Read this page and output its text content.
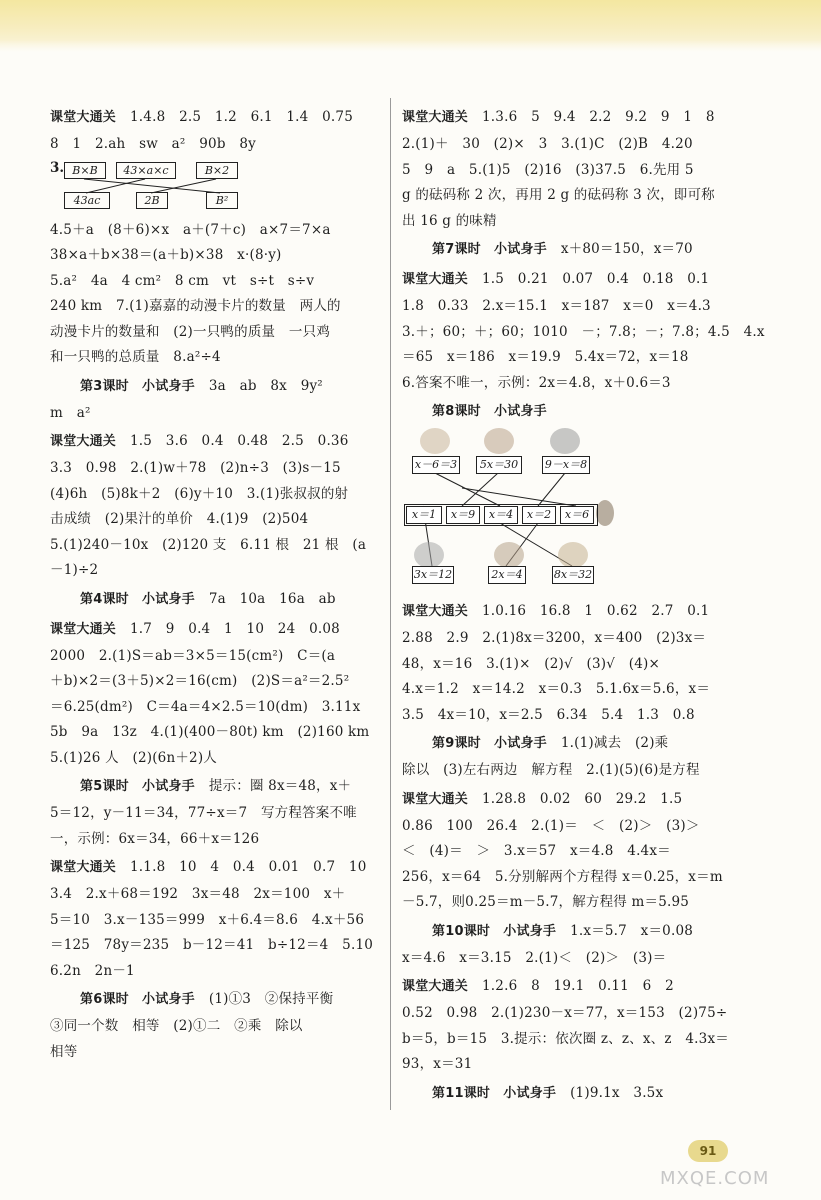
课堂大通关 1.4.8　2.5　1.2　6.1　1.4　0.75
8　1　2.ah　sw　a²　90b　8y
3. B×B	43×a×c	B×2
43ac	2B	B²
4.5＋a　(8＋6)×x　a＋(7＋c)　a×7＝7×a
38×a＋b×38＝(a＋b)×38　x·(8·y)
5.a²　4a　4 cm²　8 cm　vt　s÷t　s÷v
240 km　7.(1)嘉嘉的动漫卡片的数量　两人的
动漫卡片的数量和　(2)一只鸭的质量　一只鸡
和一只鸭的总质量　8.a²÷4
第3课时　小试身手 3a　ab　8x　9y²
m　a²
课堂大通关 1.5　3.6　0.4　0.48　2.5　0.36
3.3　0.98　2.(1)w＋78　(2)n÷3　(3)s－15
(4)6h　(5)8k＋2　(6)y＋10　3.(1)张叔叔的射
击成绩　(2)果汁的单价　4.(1)9　(2)504
5.(1)240－10x　(2)120 支　6.11 根　21 根　(a
－1)÷2
第4课时　小试身手 7a　10a　16a　ab
课堂大通关 1.7　9　0.4　1　10　24　0.08
2000　2.(1)S＝ab＝3×5＝15(cm²)　C＝(a
＋b)×2＝(3＋5)×2＝16(cm)　(2)S＝a²＝2.5²
＝6.25(dm²)　C＝4a＝4×2.5＝10(dm)　3.11x
5b　9a　13z　4.(1)(400－80t) km　(2)160 km
5.(1)26 人　(2)(6n＋2)人
第5课时　小试身手 提示：圈 8x＝48，x＋
5＝12，y－11＝34，77÷x＝7　写方程答案不唯
一，示例：6x＝34，66＋x＝126
课堂大通关 1.1.8　10　4　0.4　0.01　0.7　10
3.4　2.x＋68＝192　3x＝48　2x＝100　x＋
5＝10　3.x－135＝999　x＋6.4＝8.6　4.x＋56
＝125　78y＝235　b－12＝41　b÷12＝4　5.10
6.2n　2n－1
第6课时　小试身手 (1)①3　②保持平衡
③同一个数　相等　(2)①二　②乘　除以
相等
课堂大通关 1.3.6　5　9.4　2.2　9.2　9　1　8
2.(1)＋　30　(2)×　3　3.(1)C　(2)B　4.20
5　9　a　5.(1)5　(2)16　(3)37.5　6.先用 5
g 的砝码称 2 次，再用 2 g 的砝码称 3 次，即可称
出 16 g 的味精
第7课时　小试身手 x＋80＝150，x＝70
课堂大通关 1.5　0.21　0.07　0.4　0.18　0.1
1.8　0.33　2.x＝15.1　x＝187　x＝0　x＝4.3
3.＋；60；＋；60；1010　－；7.8；－；7.8；4.5　4.x
＝65　x＝186　x＝19.9　5.4x＝72，x＝18
6.答案不唯一，示例：2x＝4.8，x＋0.6＝3
第8课时　小试身手
x－6＝3	5x＝30	9－x＝8
x＝1	x＝9	x＝4	x＝2	x＝6
3x＝12	2x＝4	8x＝32
课堂大通关 1.0.16　16.8　1　0.62　2.7　0.1
2.88　2.9　2.(1)8x＝3200，x＝400　(2)3x＝
48，x＝16　3.(1)×　(2)√　(3)√　(4)×
4.x＝1.2　x＝14.2　x＝0.3　5.1.6x＝5.6，x＝
3.5　4x＝10，x＝2.5　6.34　5.4　1.3　0.8
第9课时　小试身手 1.(1)减去　(2)乘
除以　(3)左右两边　解方程　2.(1)(5)(6)是方程
课堂大通关 1.28.8　0.02　60　29.2　1.5
0.86　100　26.4　2.(1)＝　＜　(2)＞　(3)＞
＜　(4)＝　＞　3.x＝57　x＝4.8　4.4x＝
256，x＝64　5.分别解两个方程得 x＝0.25，x＝m
－5.7，则0.25＝m－5.7，解方程得 m＝5.95
第10课时　小试身手 1.x＝5.7　x＝0.08
x＝4.6　x＝3.15　2.(1)＜　(2)＞　(3)＝
课堂大通关 1.2.6　8　19.1　0.11　6　2
0.52　0.98　2.(1)230－x＝77，x＝153　(2)75÷
b＝5，b＝15　3.提示：依次圈 z、z、x、z　4.3x＝
93，x＝31
第11课时　小试身手 (1)9.1x　3.5x
91
MXQE.COM
